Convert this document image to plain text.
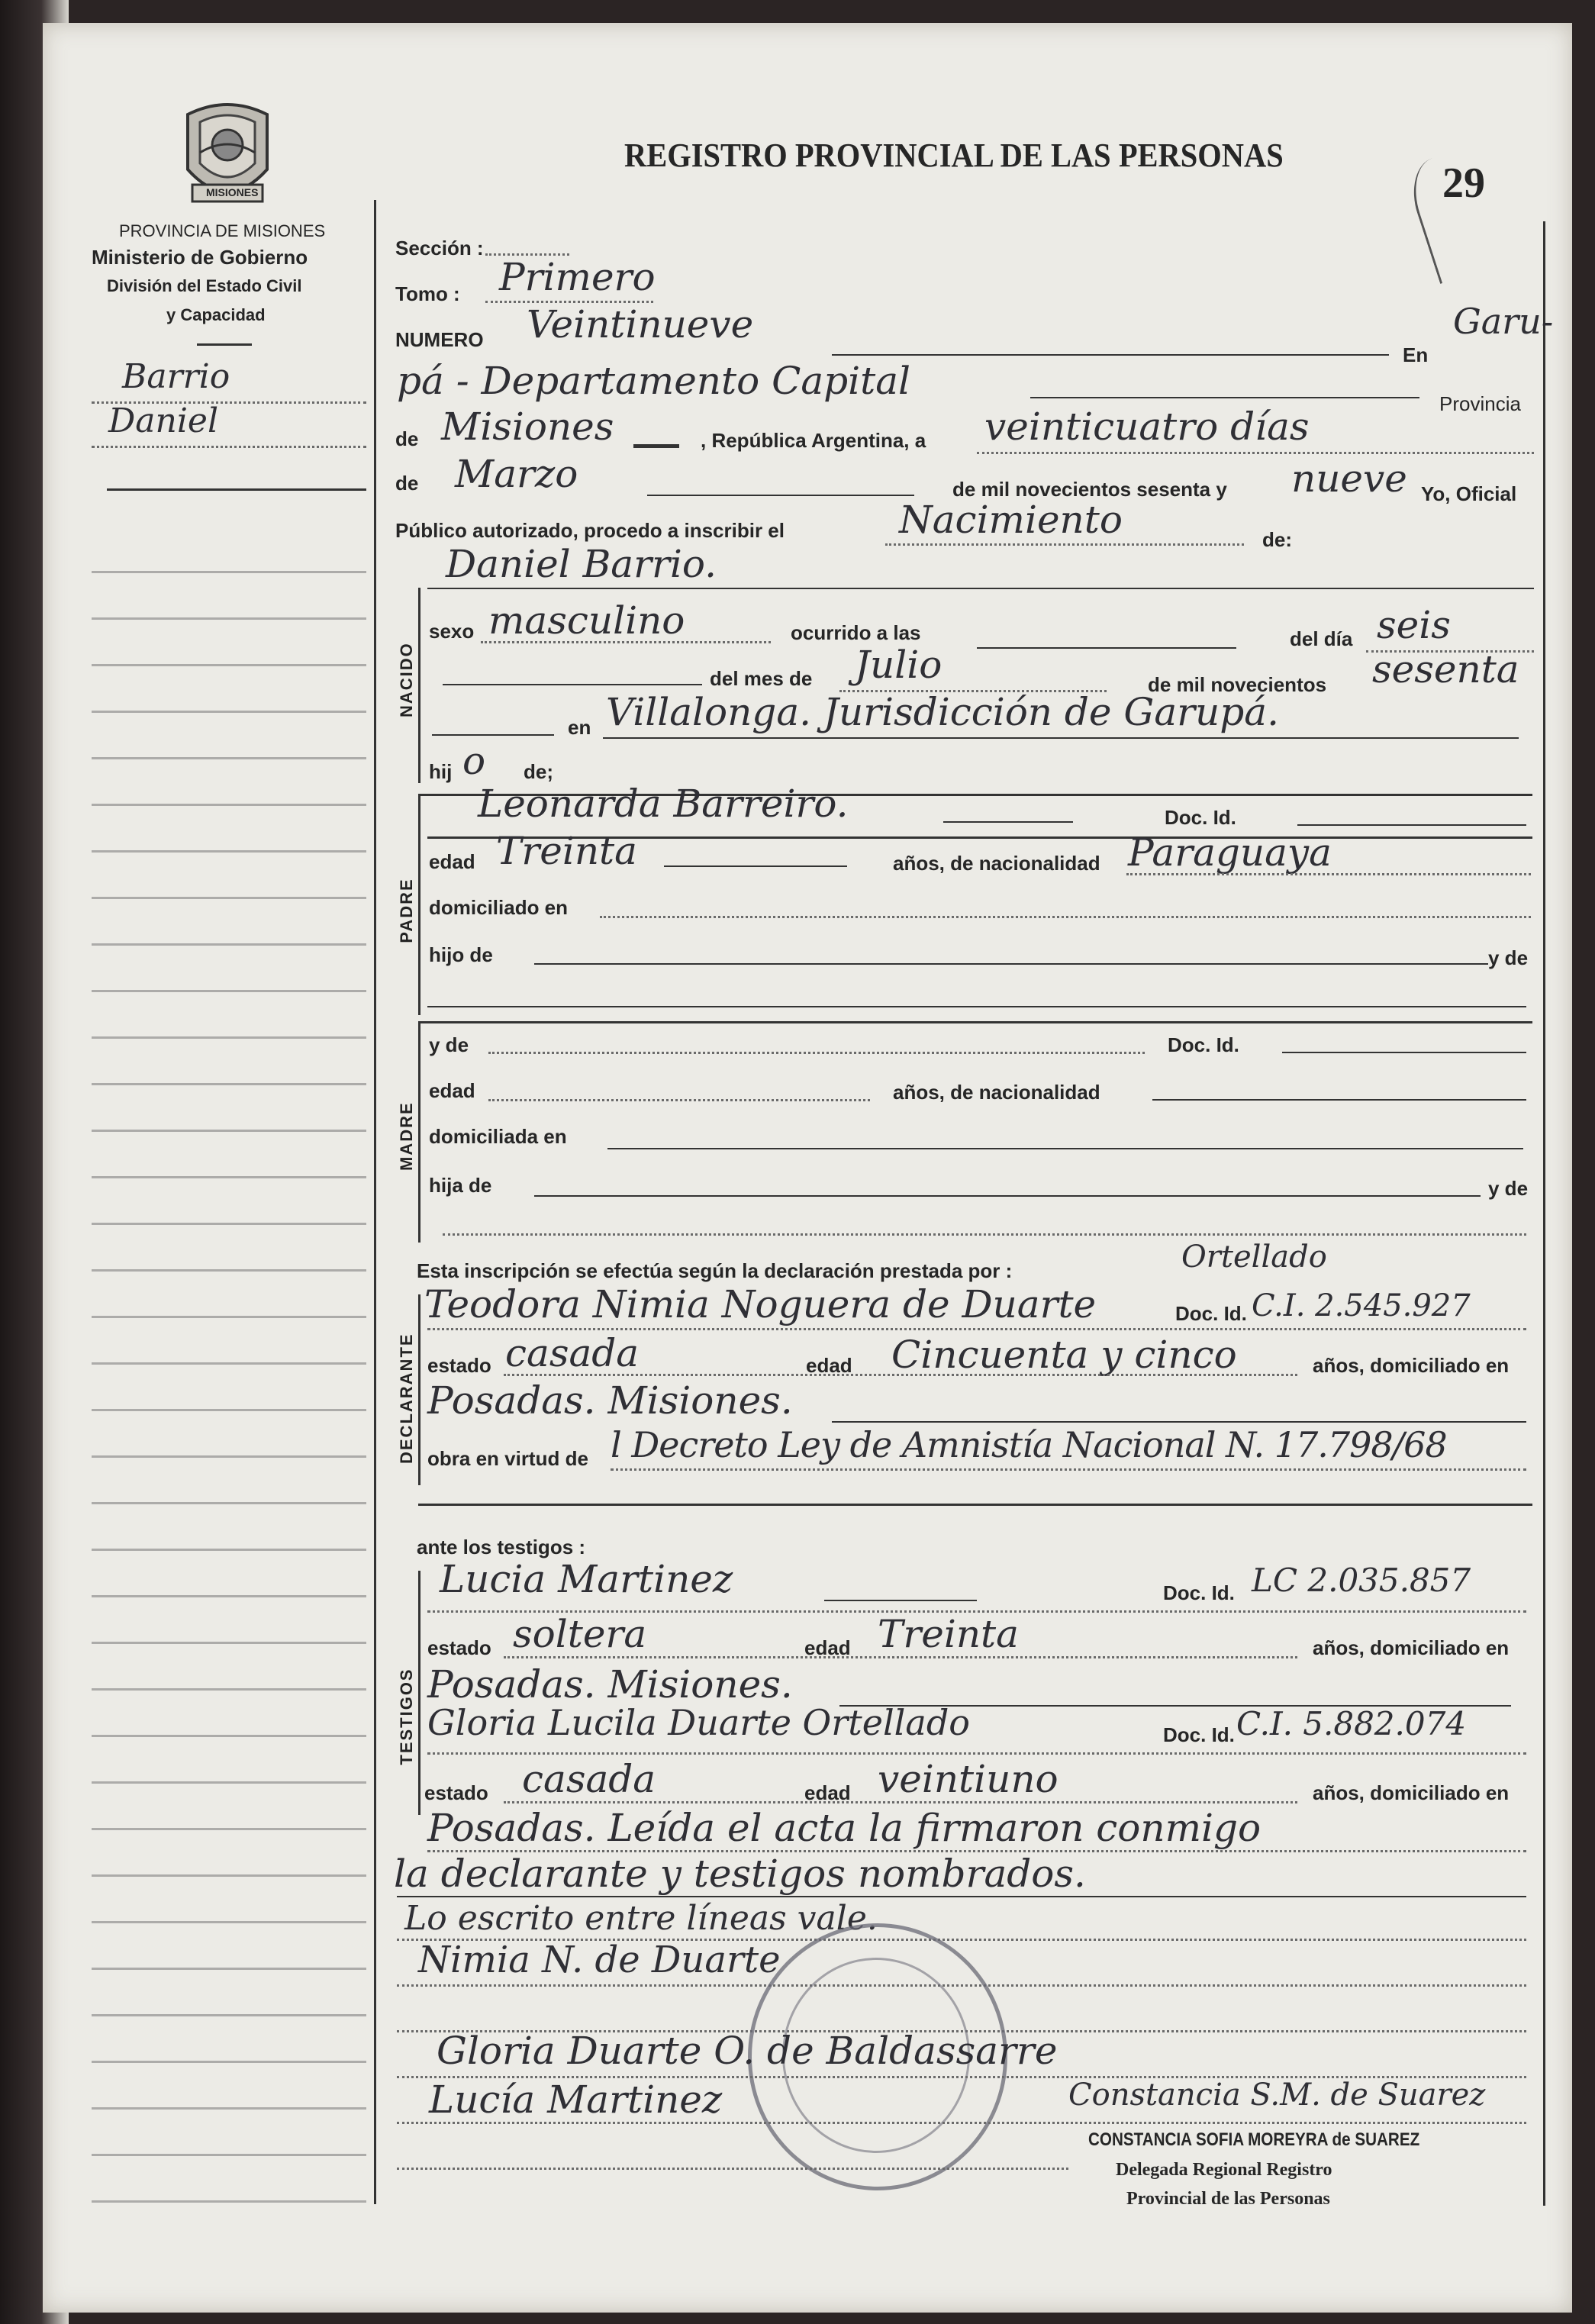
MISIONES
PROVINCIA DE MISIONES
Ministerio de Gobierno
División del Estado Civil
y Capacidad
Barrio
Daniel
REGISTRO PROVINCIAL DE LAS PERSONAS
29
Sección :
Tomo : Primero
NUMERO Veintinueve
En
Garu-
pá - Departamento Capital
Provincia
de Misiones	, República Argentina, a veinticuatro días
de Marzo	de mil novecientos sesenta y nueve Yo, Oficial
Público autorizado, procedo a inscribir el	Nacimiento	de:
Daniel Barrio.
NACIDO
sexo masculino	ocurrido a las	del día seis
del mes de Julio	de mil novecientos sesenta
en Villalonga. Jurisdicción de Garupá.
hij o de;
PADRE
Leonarda Barreiro.	Doc. Id.
edad Treinta	años, de nacionalidad Paraguaya
domiciliado en
hijo de	y de
MADRE
y de	Doc. Id.
edad	años, de nacionalidad
domiciliada en
hija de	y de
Esta inscripción se efectúa según la declaración prestada por :	Ortellado
DECLARANTE
Teodora Nimia Noguera de Duarte	Doc. Id. C.I. 2.545.927
estado casada	edad Cincuenta y cinco	años, domiciliado en
Posadas. Misiones.
obra en virtud de l Decreto Ley de Amnistía Nacional N. 17.798/68
ante los testigos :
TESTIGOS
Lucia Martinez	Doc. Id. LC 2.035.857
estado soltera	edad Treinta	años, domiciliado en
Posadas. Misiones.
Gloria Lucila Duarte Ortellado	Doc. Id. C.I. 5.882.074
estado casada	edad veintiuno	años, domiciliado en
Posadas. Leída el acta la firmaron conmigo
la declarante y testigos nombrados.
Lo escrito entre líneas vale.
Nimia N. de Duarte
Gloria Duarte O. de Baldassarre
Lucía Martinez	Constancia S.M. de Suarez
CONSTANCIA SOFIA MOREYRA de SUAREZ
Delegada Regional Registro
Provincial de las Personas
